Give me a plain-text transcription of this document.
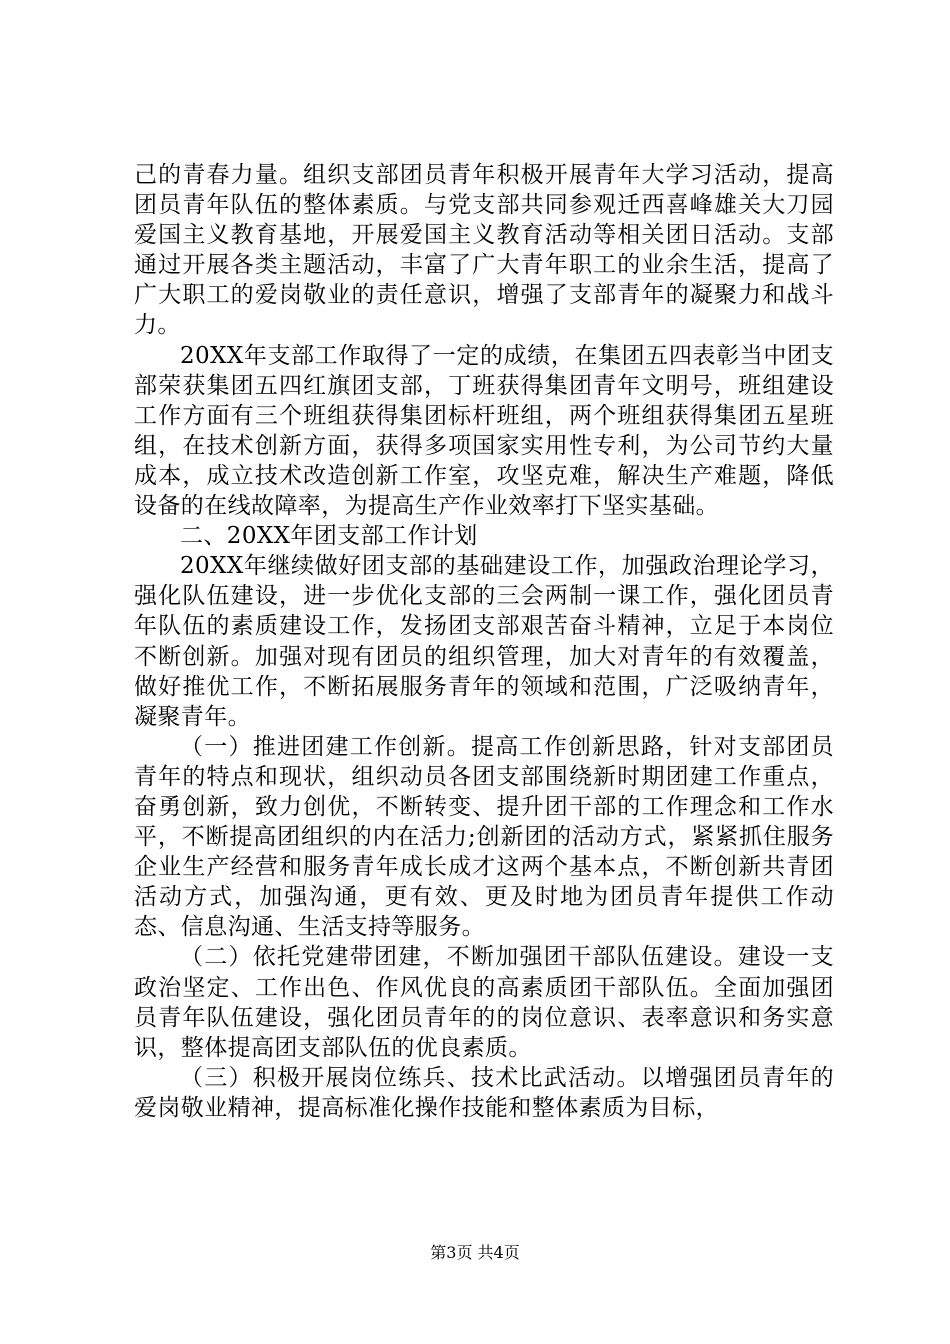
己的青春力量。组织支部团员青年积极开展青年大学习活动，提高团员青年队伍的整体素质。与党支部共同参观迁西喜峰雄关大刀园爱国主义教育基地，开展爱国主义教育活动等相关团日活动。支部通过开展各类主题活动，丰富了广大青年职工的业余生活，提高了广大职工的爱岗敬业的责任意识，增强了支部青年的凝聚力和战斗力。

20XX年支部工作取得了一定的成绩，在集团五四表彰当中团支部荣获集团五四红旗团支部，丁班获得集团青年文明号，班组建设工作方面有三个班组获得集团标杆班组，两个班组获得集团五星班组，在技术创新方面，获得多项国家实用性专利，为公司节约大量成本，成立技术改造创新工作室，攻坚克难，解决生产难题，降低设备的在线故障率，为提高生产作业效率打下坚实基础。

二、20XX年团支部工作计划

20XX年继续做好团支部的基础建设工作，加强政治理论学习，强化队伍建设，进一步优化支部的三会两制一课工作，强化团员青年队伍的素质建设工作，发扬团支部艰苦奋斗精神，立足于本岗位不断创新。加强对现有团员的组织管理，加大对青年的有效覆盖，做好推优工作，不断拓展服务青年的领域和范围，广泛吸纳青年，凝聚青年。

（一）推进团建工作创新。提高工作创新思路，针对支部团员青年的特点和现状，组织动员各团支部围绕新时期团建工作重点，奋勇创新，致力创优，不断转变、提升团干部的工作理念和工作水平，不断提高团组织的内在活力;创新团的活动方式，紧紧抓住服务企业生产经营和服务青年成长成才这两个基本点，不断创新共青团活动方式，加强沟通，更有效、更及时地为团员青年提供工作动态、信息沟通、生活支持等服务。

（二）依托党建带团建，不断加强团干部队伍建设。建设一支政治坚定、工作出色、作风优良的高素质团干部队伍。全面加强团员青年队伍建设，强化团员青年的的岗位意识、表率意识和务实意识，整体提高团支部队伍的优良素质。

（三）积极开展岗位练兵、技术比武活动。以增强团员青年的爱岗敬业精神，提高标准化操作技能和整体素质为目标，

第3页 共4页
